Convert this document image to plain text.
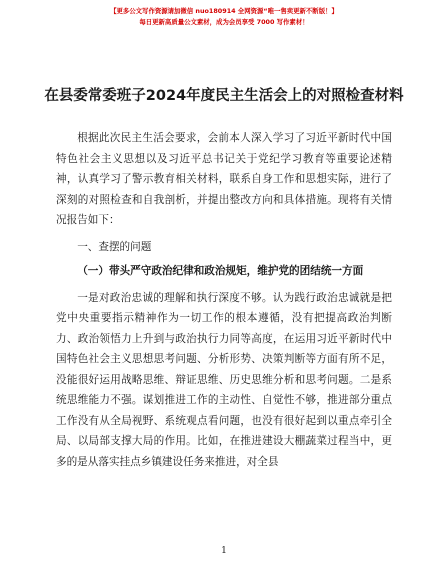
【更多公文写作资源请加微信 nuo180914 全网资源“唯一售卖更新不断版！】
每日更新高质量公文素材，成为会员享受 7000 写作素材！
在县委常委班子2024年度民主生活会上的对照检查材料

根据此次民主生活会要求，会前本人深入学习了习近平新时代中国特色社会主义思想以及习近平总书记关于党纪学习教育等重要论述精神，认真学习了警示教育相关材料，联系自身工作和思想实际，进行了深刻的对照检查和自我剖析，并提出整改方向和具体措施。现将有关情况报告如下：

一、查摆的问题

（一）带头严守政治纪律和政治规矩，维护党的团结统一方面

一是对政治忠诚的理解和执行深度不够。认为践行政治忠诚就是把党中央重要指示精神作为一切工作的根本遵循，没有把提高政治判断力、政治领悟力上升到与政治执行力同等高度，在运用习近平新时代中国特色社会主义思想思考问题、分析形势、决策判断等方面有所不足，没能很好运用战略思维、辩证思维、历史思维分析和思考问题。二是系统思维能力不强。谋划推进工作的主动性、自觉性不够，推进部分重点工作没有从全局视野、系统观点看问题，也没有很好起到以重点牵引全局、以局部支撑大局的作用。比如，在推进建设大棚蔬菜过程当中，更多的是从落实挂点乡镇建设任务来推进，对全县

1
